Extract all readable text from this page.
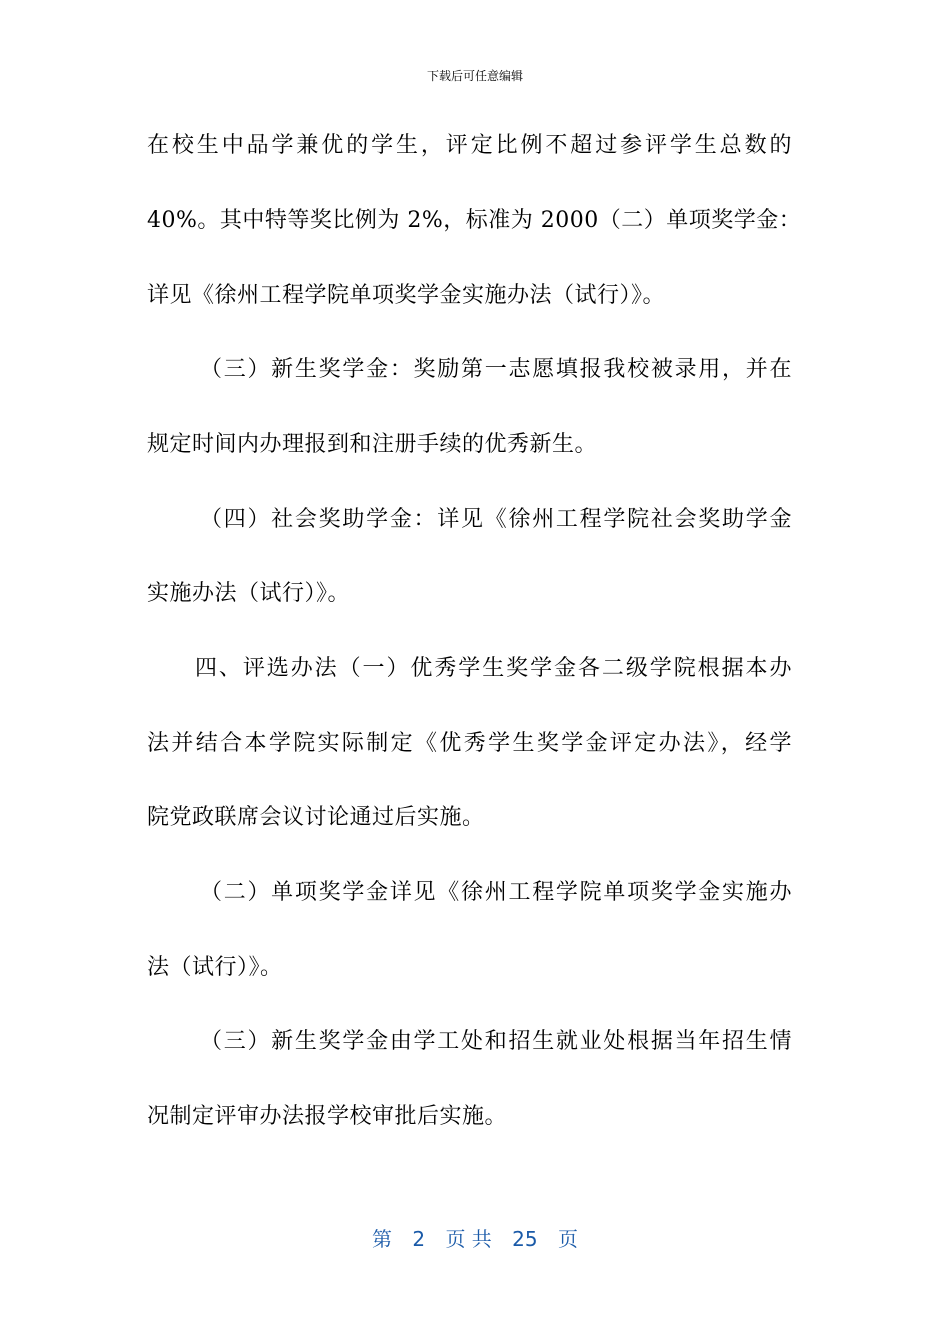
下载后可任意编辑
在校生中品学兼优的学生，评定比例不超过参评学生总数的
40%。其中特等奖比例为 2%，标准为 2000（二）单项奖学金：
详见《徐州工程学院单项奖学金实施办法（试行）》。
（三）新生奖学金：奖励第一志愿填报我校被录用，并在
规定时间内办理报到和注册手续的优秀新生。
（四）社会奖助学金：详见《徐州工程学院社会奖助学金
实施办法（试行）》。
四、评选办法（一）优秀学生奖学金各二级学院根据本办
法并结合本学院实际制定《优秀学生奖学金评定办法》，经学
院党政联席会议讨论通过后实施。
（二）单项奖学金详见《徐州工程学院单项奖学金实施办
法（试行）》。
（三）新生奖学金由学工处和招生就业处根据当年招生情
况制定评审办法报学校审批后实施。
第 2 页 共 25 页
